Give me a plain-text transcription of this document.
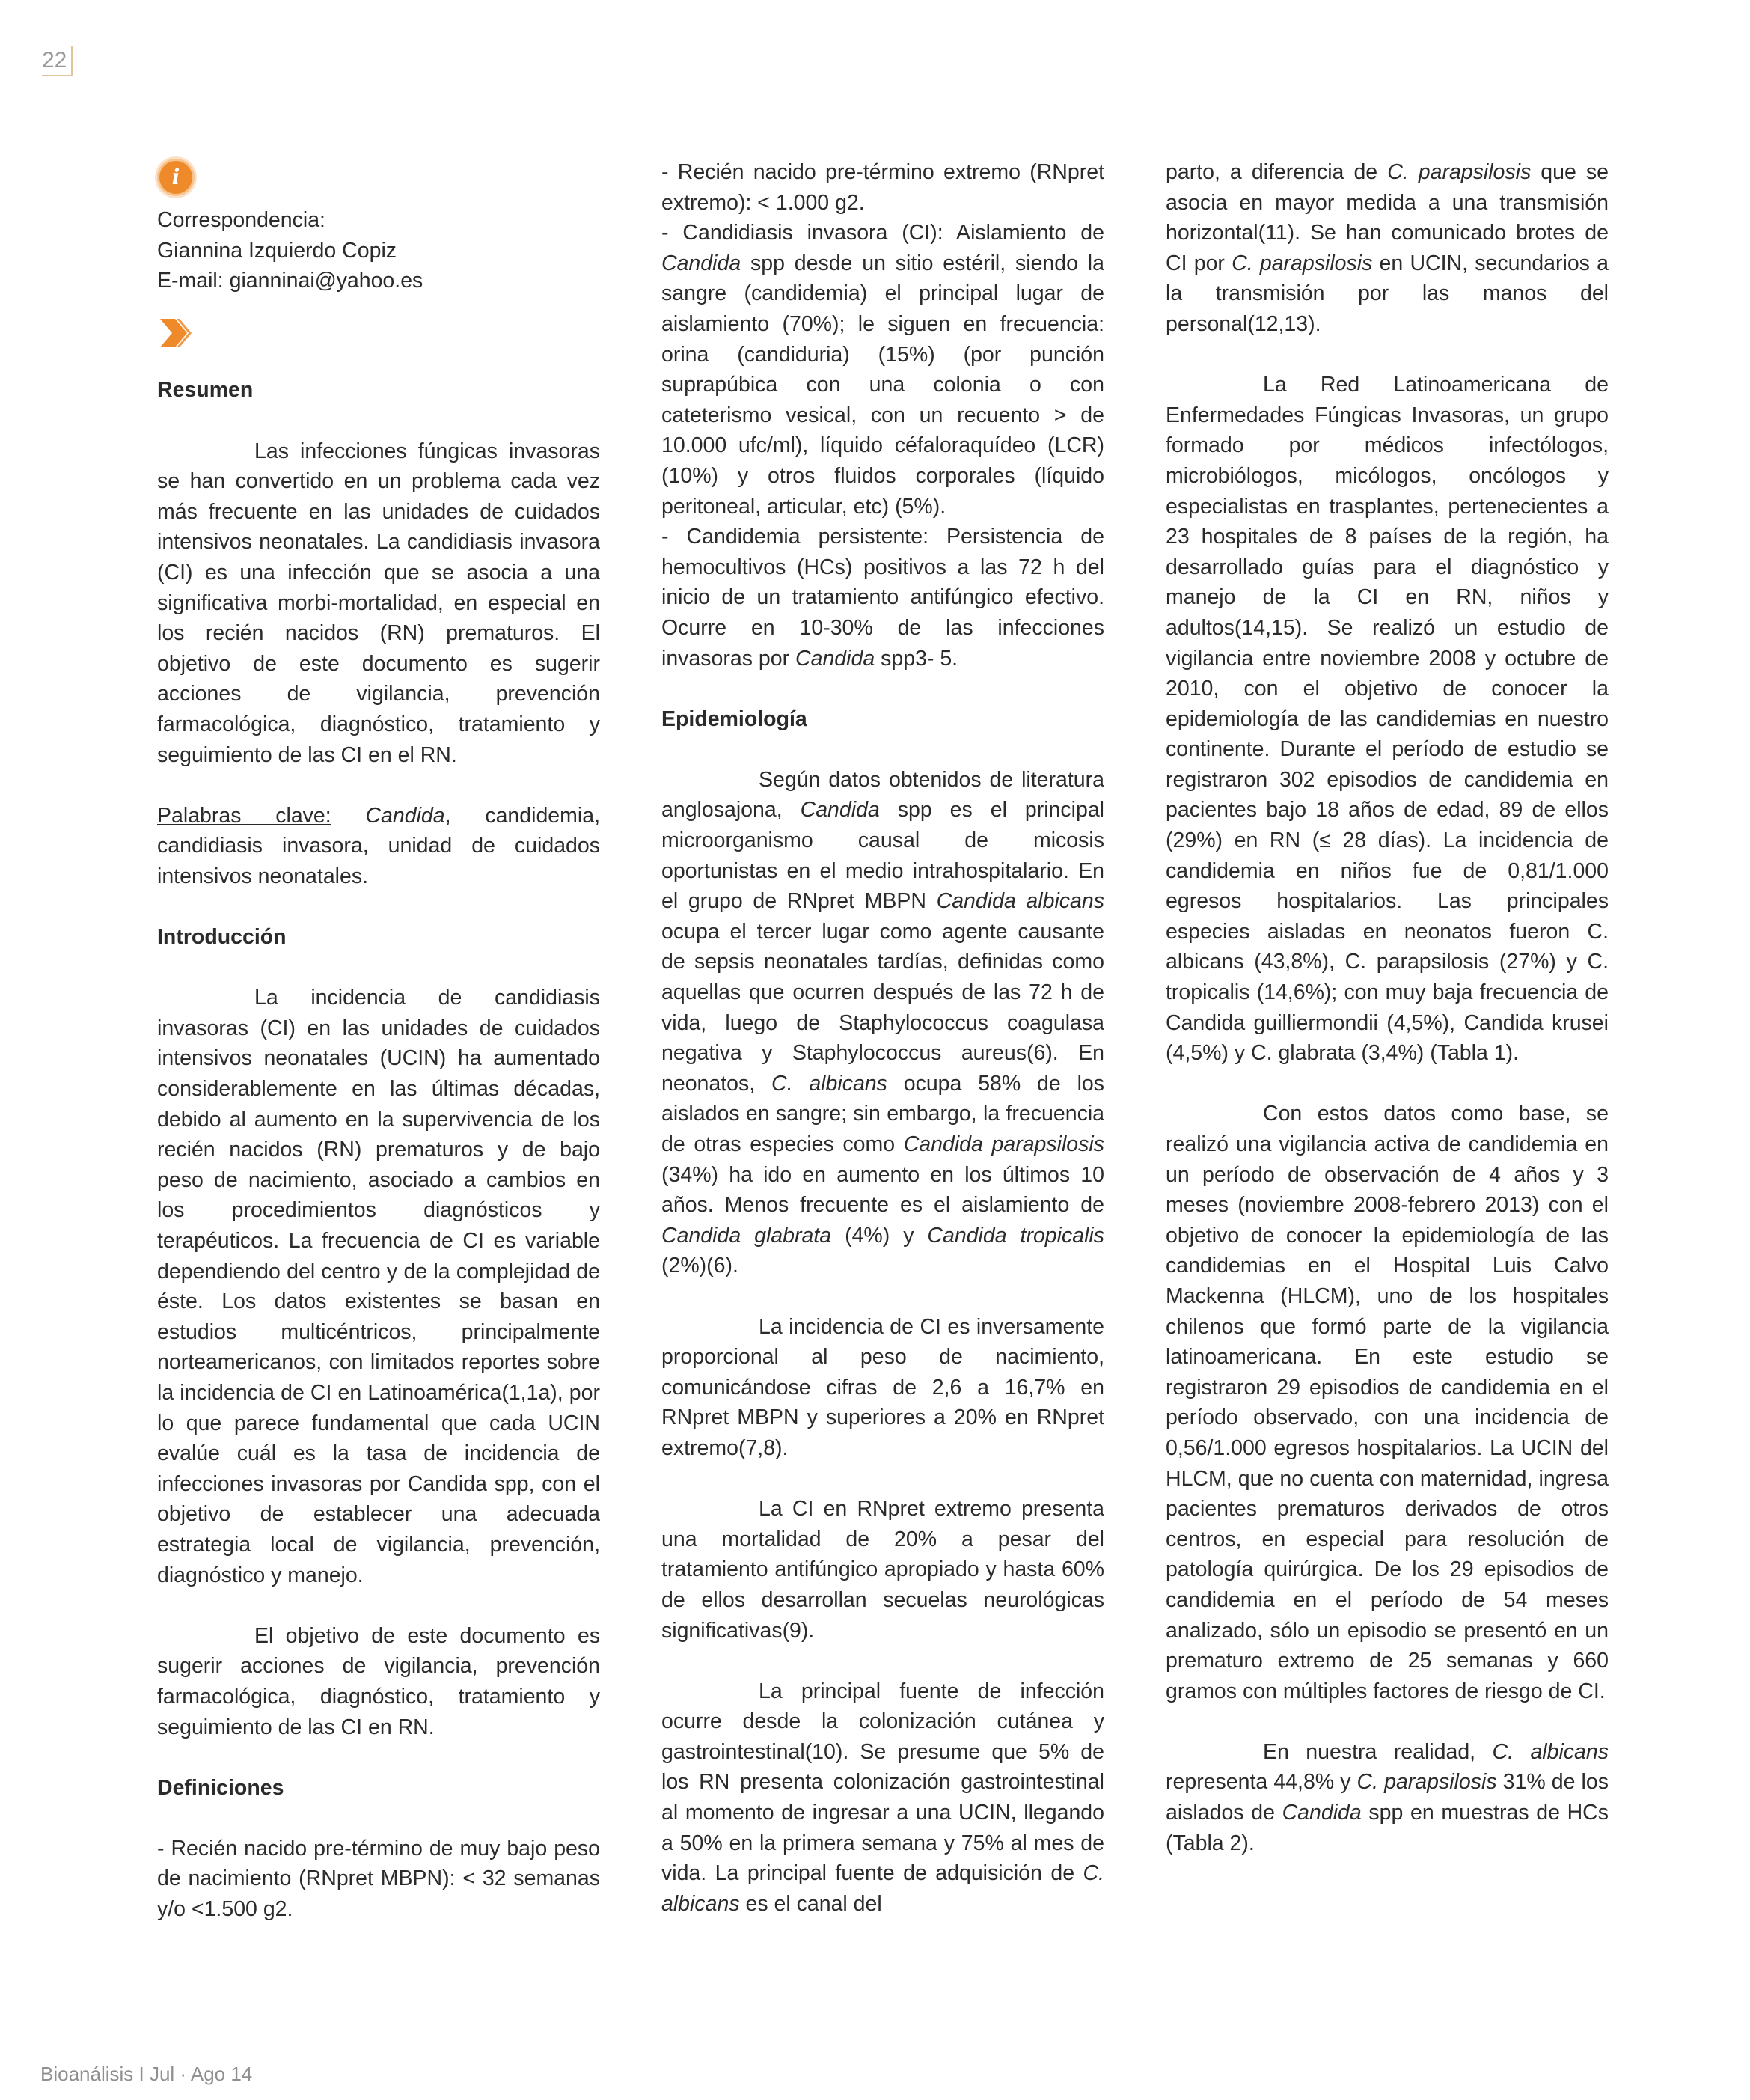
22
i
Correspondencia:
Giannina Izquierdo Copiz
E-mail: gianninai@yahoo.es

Resumen

Las infecciones fúngicas invasoras se han convertido en un problema cada vez más frecuente en las unidades de cuidados intensivos neonatales. La candidiasis invasora (CI) es una infección que se asocia a una significativa morbi-mortalidad, en especial en los recién nacidos (RN) prematuros. El objetivo de este documento es sugerir acciones de vigilancia, prevención farmacológica, diagnóstico, tratamiento y seguimiento de las CI en el RN.

Palabras clave: Candida, candidemia, candidiasis invasora, unidad de cuidados intensivos neonatales.

Introducción

La incidencia de candidiasis invasoras (CI) en las unidades de cuidados intensivos neonatales (UCIN) ha aumentado considerablemente en las últimas décadas, debido al aumento en la supervivencia de los recién nacidos (RN) prematuros y de bajo peso de nacimiento, asociado a cambios en los procedimientos diagnósticos y terapéuticos. La frecuencia de CI es variable dependiendo del centro y de la complejidad de éste. Los datos existentes se basan en estudios multicéntricos, principalmente norteamericanos, con limitados reportes sobre la incidencia de CI en Latinoamérica(1,1a), por lo que parece fundamental que cada UCIN evalúe cuál es la tasa de incidencia de infecciones invasoras por Candida spp, con el objetivo de establecer una adecuada estrategia local de vigilancia, prevención, diagnóstico y manejo.

El objetivo de este documento es sugerir acciones de vigilancia, prevención farmacológica, diagnóstico, tratamiento y seguimiento de las CI en RN.

Definiciones

- Recién nacido pre-término de muy bajo peso de nacimiento (RNpret MBPN): < 32 semanas y/o <1.500 g2.

- Recién nacido pre-término extremo (RNpret extremo): < 1.000 g2.

- Candidiasis invasora (CI): Aislamiento de Candida spp desde un sitio estéril, siendo la sangre (candidemia) el principal lugar de aislamiento (70%); le siguen en frecuencia: orina (candiduria) (15%) (por punción suprapúbica con una colonia o con cateterismo vesical, con un recuento > de 10.000 ufc/ml), líquido céfaloraquídeo (LCR) (10%) y otros fluidos corporales (líquido peritoneal, articular, etc) (5%).

- Candidemia persistente: Persistencia de hemocultivos (HCs) positivos a las 72 h del inicio de un tratamiento antifúngico efectivo. Ocurre en 10-30% de las infecciones invasoras por Candida spp3- 5.

Epidemiología

Según datos obtenidos de literatura anglosajona, Candida spp es el principal microorganismo causal de micosis oportunistas en el medio intrahospitalario. En el grupo de RNpret MBPN Candida albicans ocupa el tercer lugar como agente causante de sepsis neonatales tardías, definidas como aquellas que ocurren después de las 72 h de vida, luego de Staphylococcus coagulasa negativa y Staphylococcus aureus(6). En neonatos, C. albicans ocupa 58% de los aislados en sangre; sin embargo, la frecuencia de otras especies como Candida parapsilosis (34%) ha ido en aumento en los últimos 10 años. Menos frecuente es el aislamiento de Candida glabrata (4%) y Candida tropicalis (2%)(6).

La incidencia de CI es inversamente proporcional al peso de nacimiento, comunicándose cifras de 2,6 a 16,7% en RNpret MBPN y superiores a 20% en RNpret extremo(7,8).

La CI en RNpret extremo presenta una mortalidad de 20% a pesar del tratamiento antifúngico apropiado y hasta 60% de ellos desarrollan secuelas neurológicas significativas(9).

La principal fuente de infección ocurre desde la colonización cutánea y gastrointestinal(10). Se presume que 5% de los RN presenta colonización gastrointestinal al momento de ingresar a una UCIN, llegando a 50% en la primera semana y 75% al mes de vida. La principal fuente de adquisición de C. albicans es el canal del

parto, a diferencia de C. parapsilosis que se asocia en mayor medida a una transmisión horizontal(11). Se han comunicado brotes de CI por C. parapsilosis en UCIN, secundarios a la transmisión por las manos del personal(12,13).

La Red Latinoamericana de Enfermedades Fúngicas Invasoras, un grupo formado por médicos infectólogos, microbiólogos, micólogos, oncólogos y especialistas en trasplantes, pertenecientes a 23 hospitales de 8 países de la región, ha desarrollado guías para el diagnóstico y manejo de la CI en RN, niños y adultos(14,15). Se realizó un estudio de vigilancia entre noviembre 2008 y octubre de 2010, con el objetivo de conocer la epidemiología de las candidemias en nuestro continente. Durante el período de estudio se registraron 302 episodios de candidemia en pacientes bajo 18 años de edad, 89 de ellos (29%) en RN (≤ 28 días). La incidencia de candidemia en niños fue de 0,81/1.000 egresos hospitalarios. Las principales especies aisladas en neonatos fueron C. albicans (43,8%), C. parapsilosis (27%) y C. tropicalis (14,6%); con muy baja frecuencia de Candida guilliermondii (4,5%), Candida krusei (4,5%) y C. glabrata (3,4%) (Tabla 1).

Con estos datos como base, se realizó una vigilancia activa de candidemia en un período de observación de 4 años y 3 meses (noviembre 2008-febrero 2013) con el objetivo de conocer la epidemiología de las candidemias en el Hospital Luis Calvo Mackenna (HLCM), uno de los hospitales chilenos que formó parte de la vigilancia latinoamericana. En este estudio se registraron 29 episodios de candidemia en el período observado, con una incidencia de 0,56/1.000 egresos hospitalarios. La UCIN del HLCM, que no cuenta con maternidad, ingresa pacientes prematuros derivados de otros centros, en especial para resolución de patología quirúrgica. De los 29 episodios de candidemia en el período de 54 meses analizado, sólo un episodio se presentó en un prematuro extremo de 25 semanas y 660 gramos con múltiples factores de riesgo de CI.

En nuestra realidad, C. albicans representa 44,8% y C. parapsilosis 31% de los aislados de Candida spp en muestras de HCs (Tabla 2).

Bioanálisis I Jul · Ago 14
